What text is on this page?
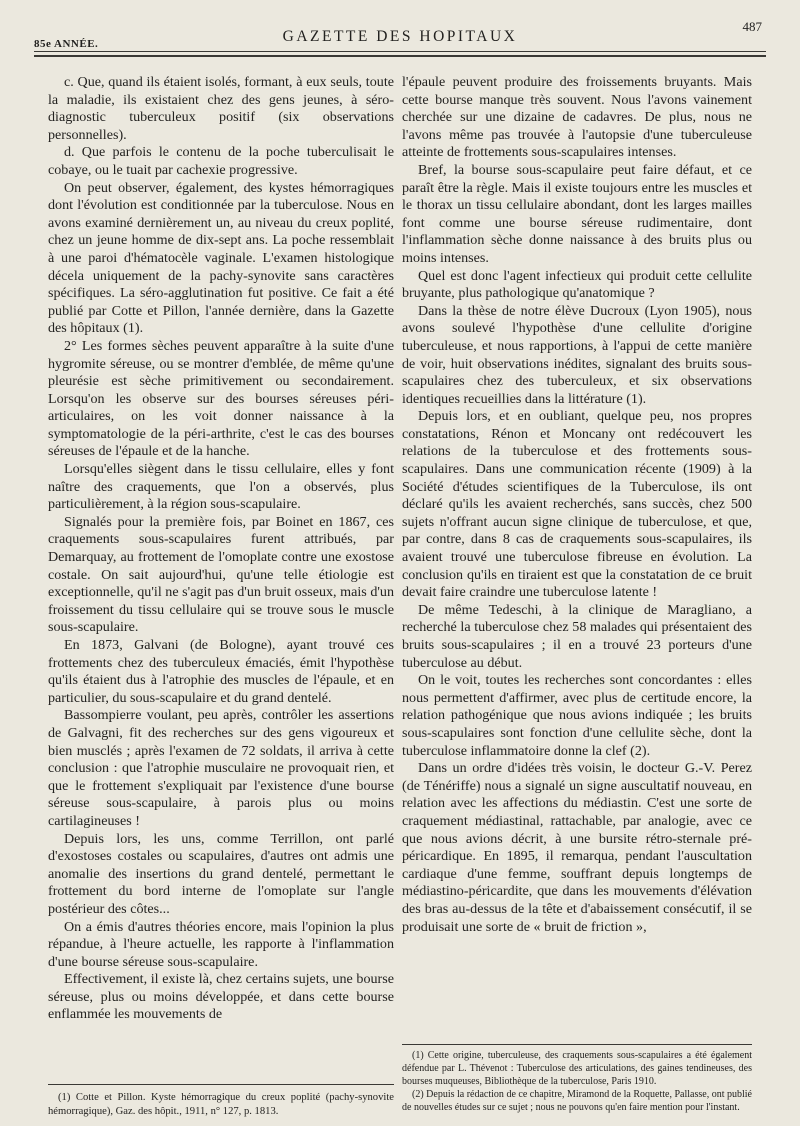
85e ANNÉE.	GAZETTE DES HOPITAUX
487

c. Que, quand ils étaient isolés, formant, à eux seuls, toute la maladie, ils existaient chez des gens jeunes, à séro-diagnostic tuberculeux positif (six observations personnelles).

d. Que parfois le contenu de la poche tuberculisait le cobaye, ou le tuait par cachexie progressive.

On peut observer, également, des kystes hémorragiques dont l'évolution est conditionnée par la tuberculose. Nous en avons examiné dernièrement un, au niveau du creux poplité, chez un jeune homme de dix-sept ans. La poche ressemblait à une paroi d'hématocèle vaginale. L'examen histologique décela uniquement de la pachy-synovite sans caractères spécifiques. La séro-agglutination fut positive. Ce fait a été publié par Cotte et Pillon, l'année dernière, dans la Gazette des hôpitaux (1).

2° Les formes sèches peuvent apparaître à la suite d'une hygromite séreuse, ou se montrer d'emblée, de même qu'une pleurésie est sèche primitivement ou secondairement. Lorsqu'on les observe sur des bourses séreuses péri-articulaires, on les voit donner naissance à la symptomatologie de la péri-arthrite, c'est le cas des bourses séreuses de l'épaule et de la hanche.

Lorsqu'elles siègent dans le tissu cellulaire, elles y font naître des craquements, que l'on a observés, plus particulièrement, à la région sous-scapulaire.

Signalés pour la première fois, par Boinet en 1867, ces craquements sous-scapulaires furent attribués, par Demarquay, au frottement de l'omoplate contre une exostose costale. On sait aujourd'hui, qu'une telle étiologie est exceptionnelle, qu'il ne s'agit pas d'un bruit osseux, mais d'un froissement du tissu cellulaire qui se trouve sous le muscle sous-scapulaire.

En 1873, Galvani (de Bologne), ayant trouvé ces frottements chez des tuberculeux émaciés, émit l'hypothèse qu'ils étaient dus à l'atrophie des muscles de l'épaule, et en particulier, du sous-scapulaire et du grand dentelé.

Bassompierre voulant, peu après, contrôler les assertions de Galvagni, fit des recherches sur des gens vigoureux et bien musclés ; après l'examen de 72 soldats, il arriva à cette conclusion : que l'atrophie musculaire ne provoquait rien, et que le frottement s'expliquait par l'existence d'une bourse séreuse sous-scapulaire, à parois plus ou moins cartilagineuses !

Depuis lors, les uns, comme Terrillon, ont parlé d'exostoses costales ou scapulaires, d'autres ont admis une anomalie des insertions du grand dentelé, permettant le frottement du bord interne de l'omoplate sur l'angle postérieur des côtes...

On a émis d'autres théories encore, mais l'opinion la plus répandue, à l'heure actuelle, les rapporte à l'inflammation d'une bourse séreuse sous-scapulaire.

Effectivement, il existe là, chez certains sujets, une bourse séreuse, plus ou moins développée, et dans cette bourse enflammée les mouvements de

l'épaule peuvent produire des froissements bruyants. Mais cette bourse manque très souvent. Nous l'avons vainement cherchée sur une dizaine de cadavres. De plus, nous ne l'avons même pas trouvée à l'autopsie d'une tuberculeuse atteinte de frottements sous-scapulaires intenses.

Bref, la bourse sous-scapulaire peut faire défaut, et ce paraît être la règle. Mais il existe toujours entre les muscles et le thorax un tissu cellulaire abondant, dont les larges mailles font comme une bourse séreuse rudimentaire, dont l'inflammation sèche donne naissance à des bruits plus ou moins intenses.

Quel est donc l'agent infectieux qui produit cette cellulite bruyante, plus pathologique qu'anatomique ?

Dans la thèse de notre élève Ducroux (Lyon 1905), nous avons soulevé l'hypothèse d'une cellulite d'origine tuberculeuse, et nous rapportions, à l'appui de cette manière de voir, huit observations inédites, signalant des bruits sous-scapulaires chez des tuberculeux, et six observations identiques recueillies dans la littérature (1).

Depuis lors, et en oubliant, quelque peu, nos propres constatations, Rénon et Moncany ont redécouvert les relations de la tuberculose et des frottements sous-scapulaires. Dans une communication récente (1909) à la Société d'études scientifiques de la Tuberculose, ils ont déclaré qu'ils les avaient recherchés, sans succès, chez 500 sujets n'offrant aucun signe clinique de tuberculose, et que, par contre, dans 8 cas de craquements sous-scapulaires, ils avaient trouvé une tuberculose fibreuse en évolution. La conclusion qu'ils en tiraient est que la constatation de ce bruit devait faire craindre une tuberculose latente !

De même Tedeschi, à la clinique de Maragliano, a recherché la tuberculose chez 58 malades qui présentaient des bruits sous-scapulaires ; il en a trouvé 23 porteurs d'une tuberculose au début.

On le voit, toutes les recherches sont concordantes : elles nous permettent d'affirmer, avec plus de certitude encore, la relation pathogénique que nous avions indiquée ; les bruits sous-scapulaires sont fonction d'une cellulite sèche, dont la tuberculose inflammatoire donne la clef (2).

Dans un ordre d'idées très voisin, le docteur G.-V. Perez (de Ténériffe) nous a signalé un signe auscultatif nouveau, en relation avec les affections du médiastin. C'est une sorte de craquement médiastinal, rattachable, par analogie, avec ce que nous avions décrit, à une bursite rétro-sternale pré-péricardique. En 1895, il remarqua, pendant l'auscultation cardiaque d'une femme, souffrant depuis longtemps de médiastino-péricardite, que dans les mouvements d'élévation des bras au-dessus de la tête et d'abaissement consécutif, il se produisait une sorte de « bruit de friction »,

(1) Cotte et Pillon. Kyste hémorragique du creux poplité (pachy-synovite hémorragique), Gaz. des hôpit., 1911, n° 127, p. 1813.

(1) Cette origine, tuberculeuse, des craquements sous-scapulaires a été également défendue par L. Thévenot : Tuberculose des articulations, des gaines tendineuses, des bourses muqueuses, Bibliothèque de la tuberculose, Paris 1910.

(2) Depuis la rédaction de ce chapitre, Miramond de la Roquette, Pallasse, ont publié de nouvelles études sur ce sujet ; nous ne pouvons qu'en faire mention pour l'instant.
